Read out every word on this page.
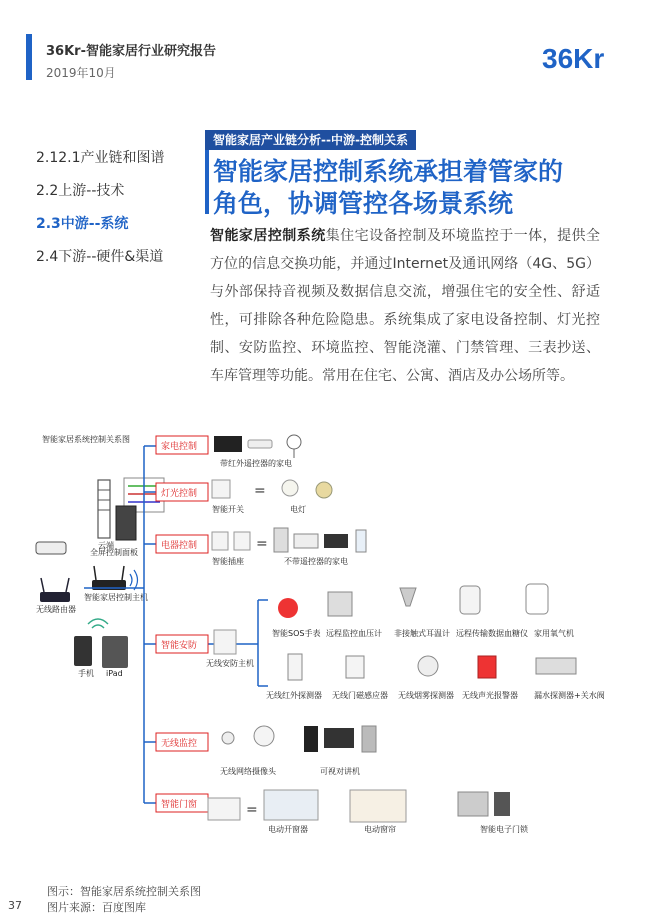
36Kr-智能家居行业研究报告
2019年10月	36Kr
2.12.1产业链和图谱
2.2上游--技术
2.3中游--系统
2.4下游--硬件&渠道
智能家居产业链分析--中游-控制关系
智能家居控制系统承担着管家的
角色，协调管控各场景系统
智能家居控制系统集住宅设备控制及环境监控于一体，提供全方位的信息交换功能，并通过Internet及通讯网络（4G、5G）与外部保持音视频及数据信息交流，增强住宅的安全性、舒适性，可排除各种危险隐患。系统集成了家电设备控制、灯光控制、安防监控、环境监控、智能浇灌、门禁管理、三表抄送、车库管理等功能。常用在住宅、公寓、酒店及办公场所等。
智能家居系统控制关系图
云端
全屏控制面板
无线路由器
智能家居控制主机
手机 iPad
家电控制
灯光控制
电器控制
智能安防
无线监控
智能门窗
带红外遥控器的家电
=
智能开关	电灯
=
智能插座	不带遥控器的家电
无线安防主机
智能SOS手表 远程监控血压计 非接触式耳温计 远程传输数据血糖仪 家用氧气机
无线红外探测器 无线门磁感应器 无线烟雾探测器 无线声光报警器 漏水探测器+关水阀
无线网络摄像头	可视对讲机
=
电动开窗器	电动窗帘	智能电子门锁
图示：智能家居系统控制关系图
图片来源：百度图库
37
